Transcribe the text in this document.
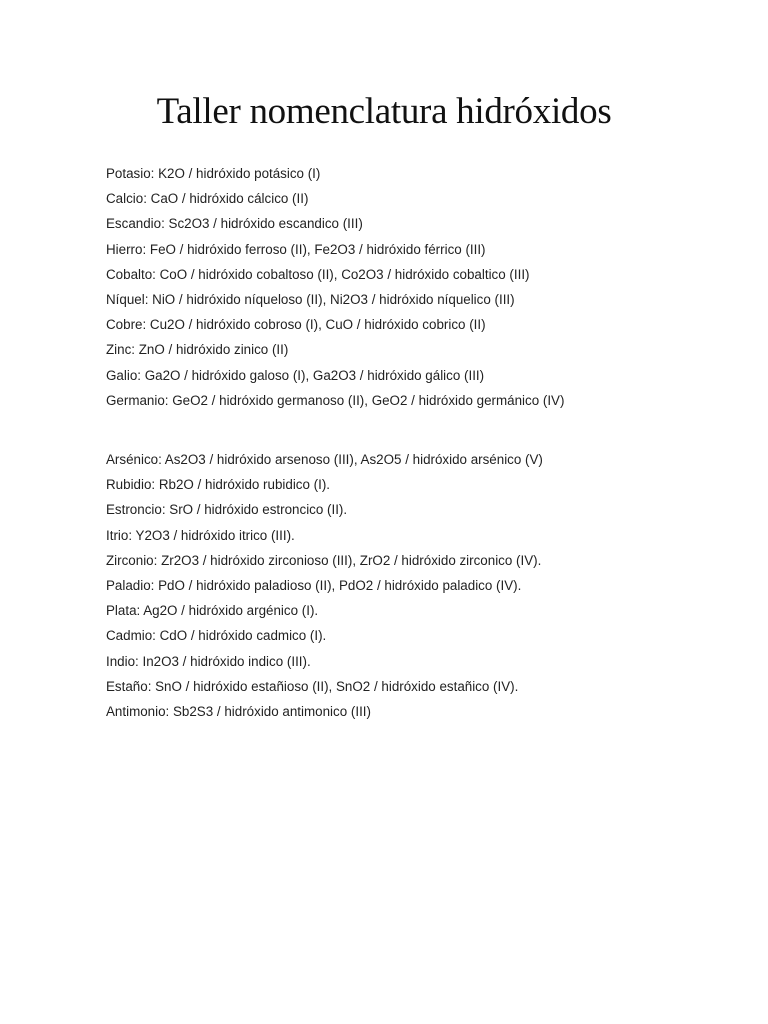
Taller nomenclatura hidróxidos
Potasio: K2O / hidróxido potásico (I)
Calcio: CaO / hidróxido cálcico (II)
Escandio: Sc2O3 / hidróxido escandico (III)
Hierro: FeO / hidróxido ferroso (II), Fe2O3 / hidróxido férrico (III)
Cobalto: CoO / hidróxido cobaltoso (II), Co2O3 / hidróxido cobaltico (III)
Níquel: NiO / hidróxido níqueloso (II), Ni2O3 / hidróxido níquelico (III)
Cobre: Cu2O / hidróxido cobroso (I), CuO / hidróxido cobrico (II)
Zinc: ZnO / hidróxido zinico (II)
Galio: Ga2O / hidróxido galoso (I), Ga2O3 / hidróxido gálico (III)
Germanio: GeO2 / hidróxido germanoso (II), GeO2 / hidróxido germánico (IV)
Arsénico: As2O3 / hidróxido arsenoso (III), As2O5 / hidróxido arsénico (V)
Rubidio: Rb2O / hidróxido rubidico (I).
Estroncio: SrO / hidróxido estroncico (II).
Itrio: Y2O3 / hidróxido itrico (III).
Zirconio: Zr2O3 / hidróxido zirconioso (III), ZrO2 / hidróxido zirconico (IV).
Paladio: PdO / hidróxido paladioso (II), PdO2 / hidróxido paladico (IV).
Plata: Ag2O / hidróxido argénico (I).
Cadmio: CdO / hidróxido cadmico (I).
Indio: In2O3 / hidróxido indico (III).
Estaño: SnO / hidróxido estañioso (II), SnO2 / hidróxido estañico (IV).
Antimonio: Sb2S3 / hidróxido antimonico (III)
